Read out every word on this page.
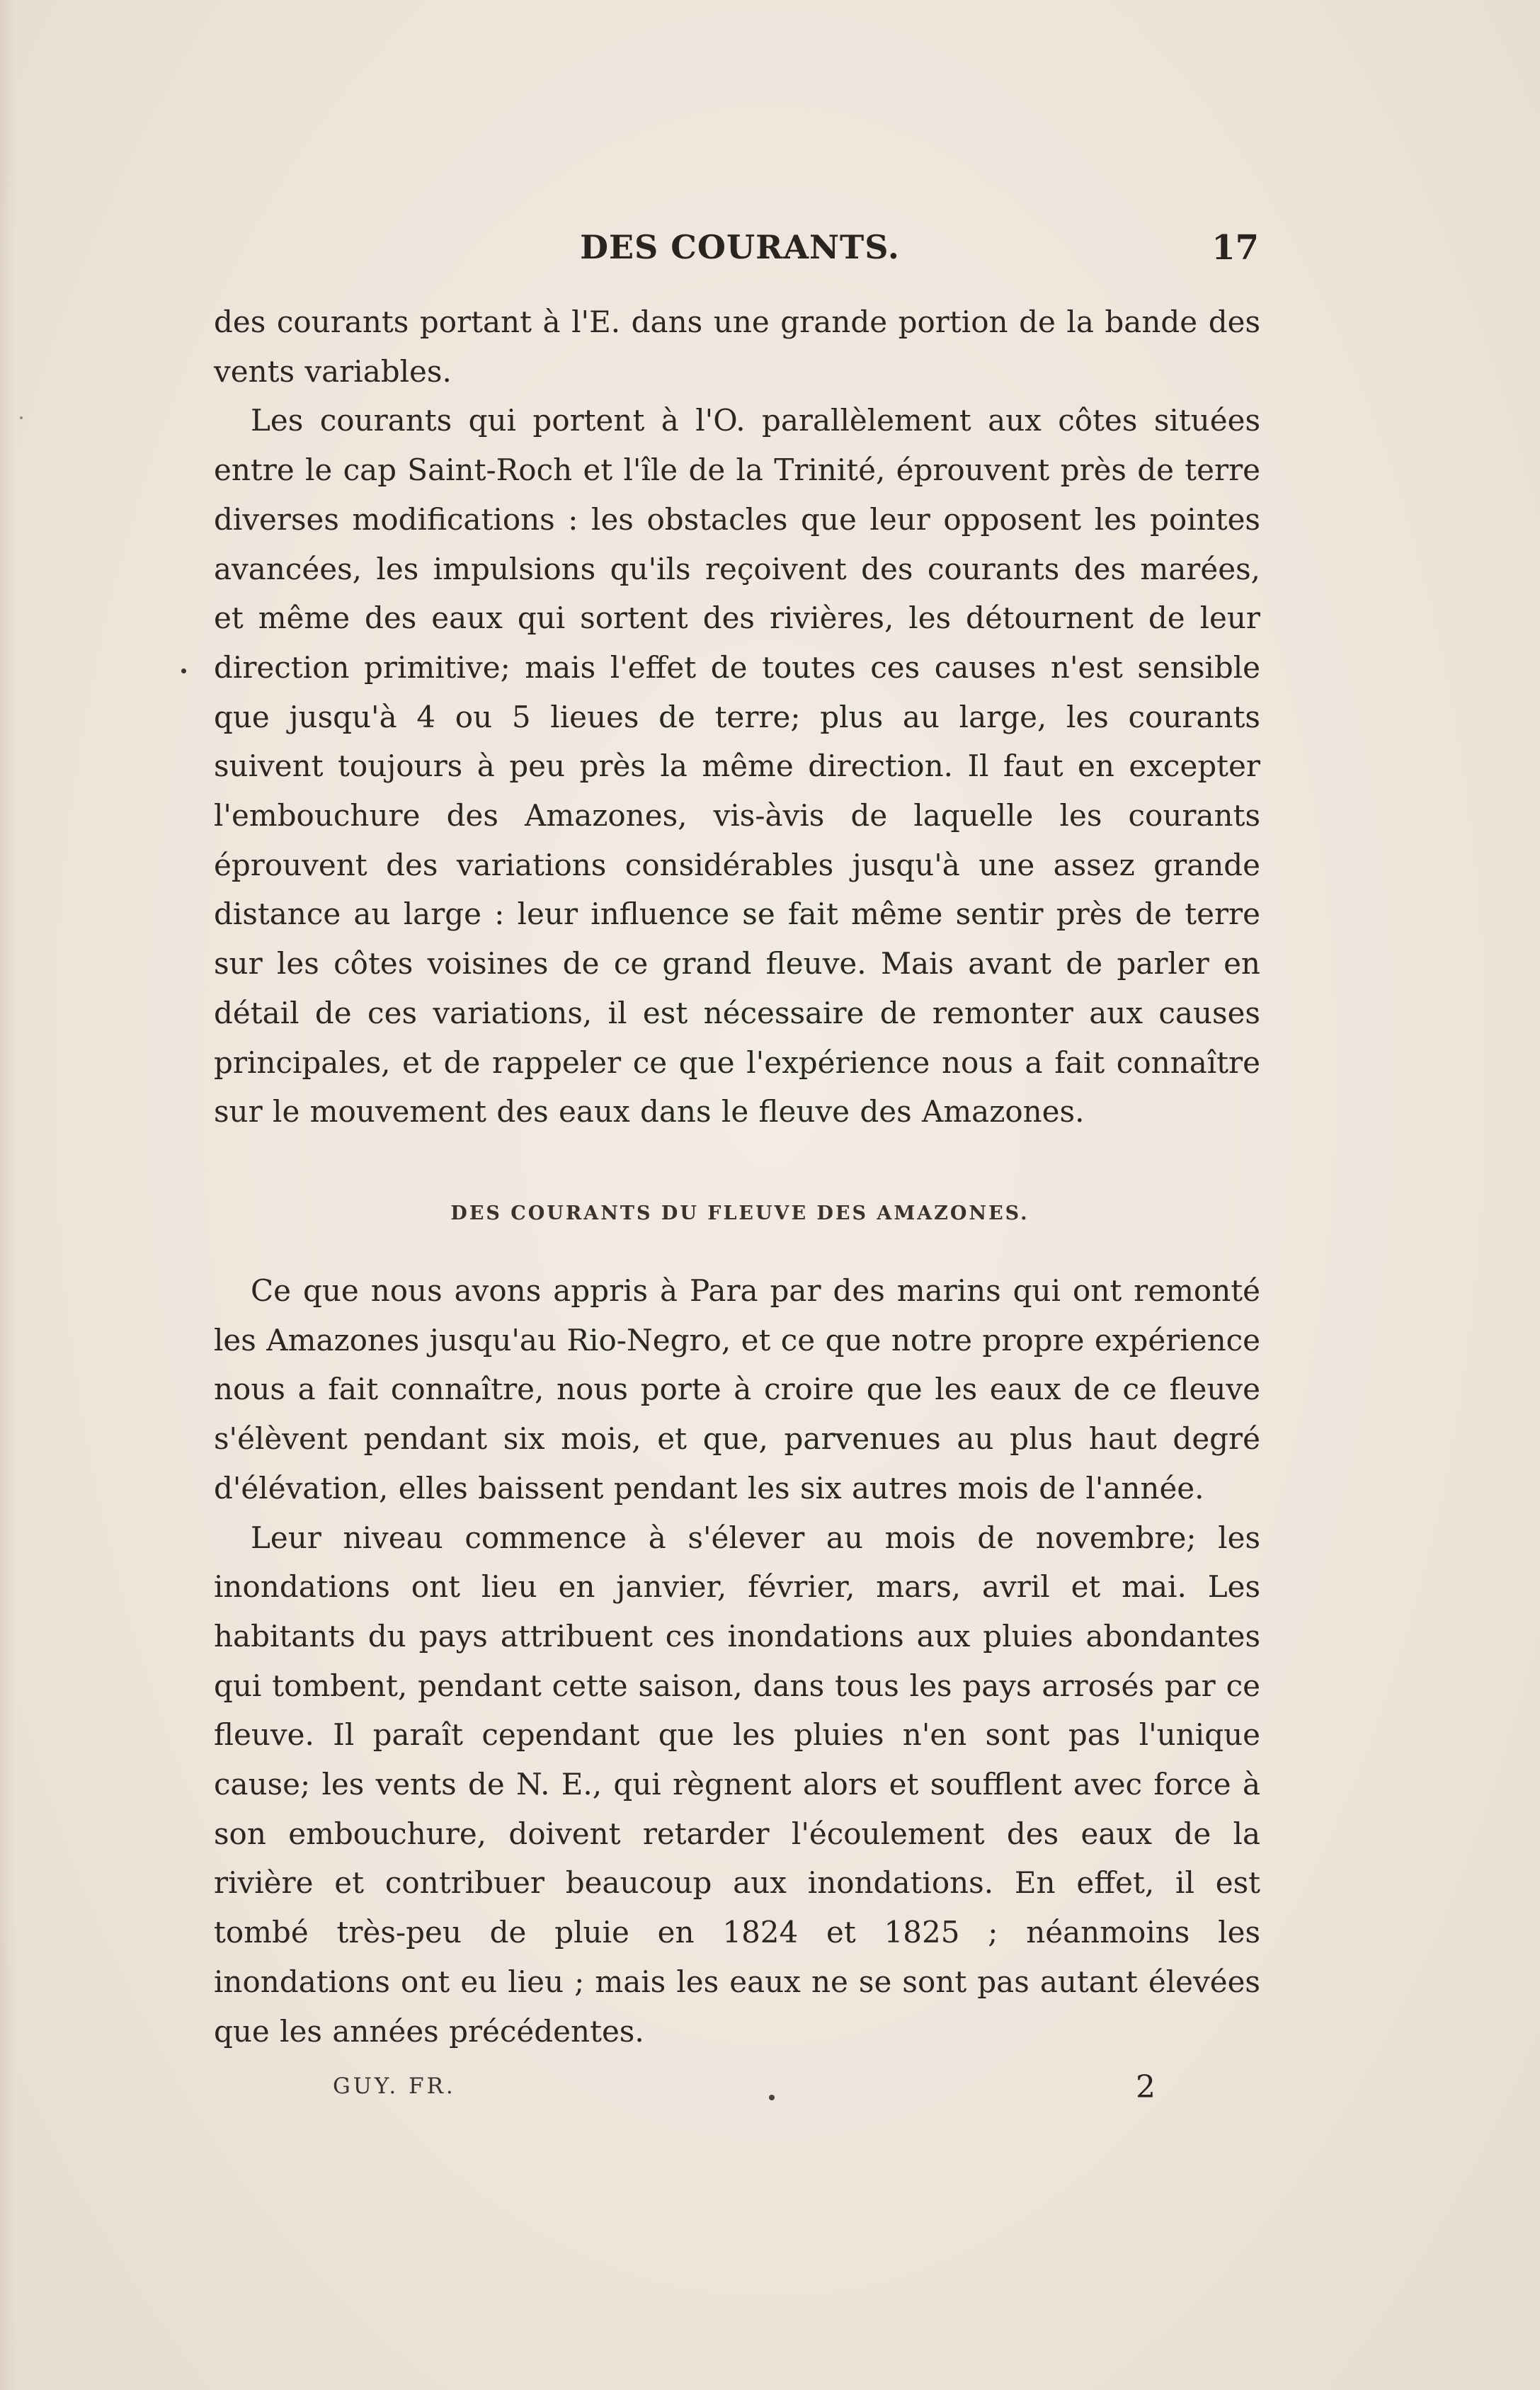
DES COURANTS.	17

des courants portant à l'E. dans une grande portion de la bande des vents variables.

Les courants qui portent à l'O. parallèlement aux côtes situées entre le cap Saint-Roch et l'île de la Trinité, éprouvent près de terre diverses modifications : les obstacles que leur opposent les pointes avancées, les impulsions qu'ils reçoivent des courants des marées, et même des eaux qui sortent des rivières, les détournent de leur direction primitive; mais l'effet de toutes ces causes n'est sensible que jusqu'à 4 ou 5 lieues de terre; plus au large, les courants suivent toujours à peu près la même direction. Il faut en excepter l'embouchure des Amazones, vis-àvis de laquelle les courants éprouvent des variations considérables jusqu'à une assez grande distance au large : leur influence se fait même sentir près de terre sur les côtes voisines de ce grand fleuve. Mais avant de parler en détail de ces variations, il est nécessaire de remonter aux causes principales, et de rappeler ce que l'expérience nous a fait connaître sur le mouvement des eaux dans le fleuve des Amazones.

DES COURANTS DU FLEUVE DES AMAZONES.

Ce que nous avons appris à Para par des marins qui ont remonté les Amazones jusqu'au Rio-Negro, et ce que notre propre expérience nous a fait connaître, nous porte à croire que les eaux de ce fleuve s'élèvent pendant six mois, et que, parvenues au plus haut degré d'élévation, elles baissent pendant les six autres mois de l'année.

Leur niveau commence à s'élever au mois de novembre; les inondations ont lieu en janvier, février, mars, avril et mai. Les habitants du pays attribuent ces inondations aux pluies abondantes qui tombent, pendant cette saison, dans tous les pays arrosés par ce fleuve. Il paraît cependant que les pluies n'en sont pas l'unique cause; les vents de N. E., qui règnent alors et soufflent avec force à son embouchure, doivent retarder l'écoulement des eaux de la rivière et contribuer beaucoup aux inondations. En effet, il est tombé très-peu de pluie en 1824 et 1825 ; néanmoins les inondations ont eu lieu ; mais les eaux ne se sont pas autant élevées que les années précédentes.

GUY. FR.	2
